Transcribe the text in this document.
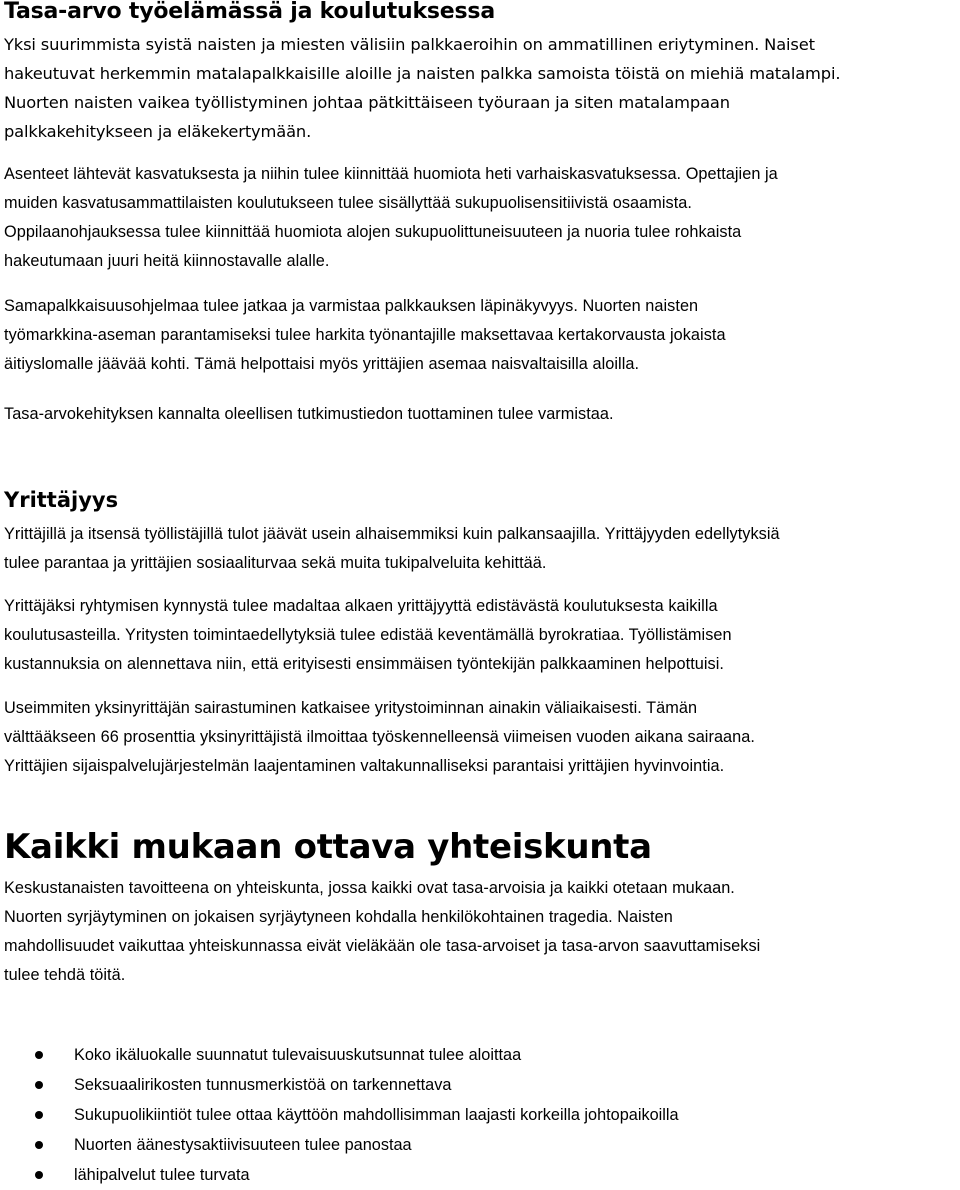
Tasa-arvo työelämässä ja koulutuksessa
Yksi suurimmista syistä naisten ja miesten välisiin palkkaeroihin on ammatillinen eriytyminen. Naiset
hakeutuvat herkemmin matalapalkkaisille aloille ja naisten palkka samoista töistä on miehiä matalampi.
Nuorten naisten vaikea työllistyminen johtaa pätkittäiseen työuraan ja siten matalampaan
palkkakehitykseen ja eläkekertymään.
Asenteet lähtevät kasvatuksesta ja niihin tulee kiinnittää huomiota heti varhaiskasvatuksessa. Opettajien ja
muiden kasvatusammattilaisten koulutukseen tulee sisällyttää sukupuolisensitiivistä osaamista.
Oppilaanohjauksessa tulee kiinnittää huomiota alojen sukupuolittuneisuuteen ja nuoria tulee rohkaista
hakeutumaan juuri heitä kiinnostavalle alalle.
Samapalkkaisuusohjelmaa tulee jatkaa ja varmistaa palkkauksen läpinäkyvyys. Nuorten naisten
työmarkkina-aseman parantamiseksi tulee harkita työnantajille maksettavaa kertakorvausta jokaista
äitiyslomalle jäävää kohti. Tämä helpottaisi myös yrittäjien asemaa naisvaltaisilla aloilla.
Tasa-arvokehityksen kannalta oleellisen tutkimustiedon tuottaminen tulee varmistaa.
Yrittäjyys
Yrittäjillä ja itsensä työllistäjillä tulot jäävät usein alhaisemmiksi kuin palkansaajilla. Yrittäjyyden edellytyksiä
tulee parantaa ja yrittäjien sosiaaliturvaa sekä muita tukipalveluita kehittää.
Yrittäjäksi ryhtymisen kynnystä tulee madaltaa alkaen yrittäjyyttä edistävästä koulutuksesta kaikilla
koulutusasteilla. Yritysten toimintaedellytyksiä tulee edistää keventämällä byrokratiaa. Työllistämisen
kustannuksia on alennettava niin, että erityisesti ensimmäisen työntekijän palkkaaminen helpottuisi.
Useimmiten yksinyrittäjän sairastuminen katkaisee yritystoiminnan ainakin väliaikaisesti. Tämän
välttääkseen 66 prosenttia yksinyrittäjistä ilmoittaa työskennelleensä viimeisen vuoden aikana sairaana.
Yrittäjien sijaispalvelujärjestelmän laajentaminen valtakunnalliseksi parantaisi yrittäjien hyvinvointia.
Kaikki mukaan ottava yhteiskunta
Keskustanaisten tavoitteena on yhteiskunta, jossa kaikki ovat tasa-arvoisia ja kaikki otetaan mukaan.
Nuorten syrjäytyminen on jokaisen syrjäytyneen kohdalla henkilökohtainen tragedia. Naisten
mahdollisuudet vaikuttaa yhteiskunnassa eivät vieläkään ole tasa-arvoiset ja tasa-arvon saavuttamiseksi
tulee tehdä töitä.
Koko ikäluokalle suunnatut tulevaisuuskutsunnat tulee aloittaa
Seksuaalirikosten tunnusmerkistöä on tarkennettava
Sukupuolikiintiöt tulee ottaa käyttöön mahdollisimman laajasti korkeilla johtopaikoilla
Nuorten äänestysaktiivisuuteen tulee panostaa
lähipalvelut tulee turvata
